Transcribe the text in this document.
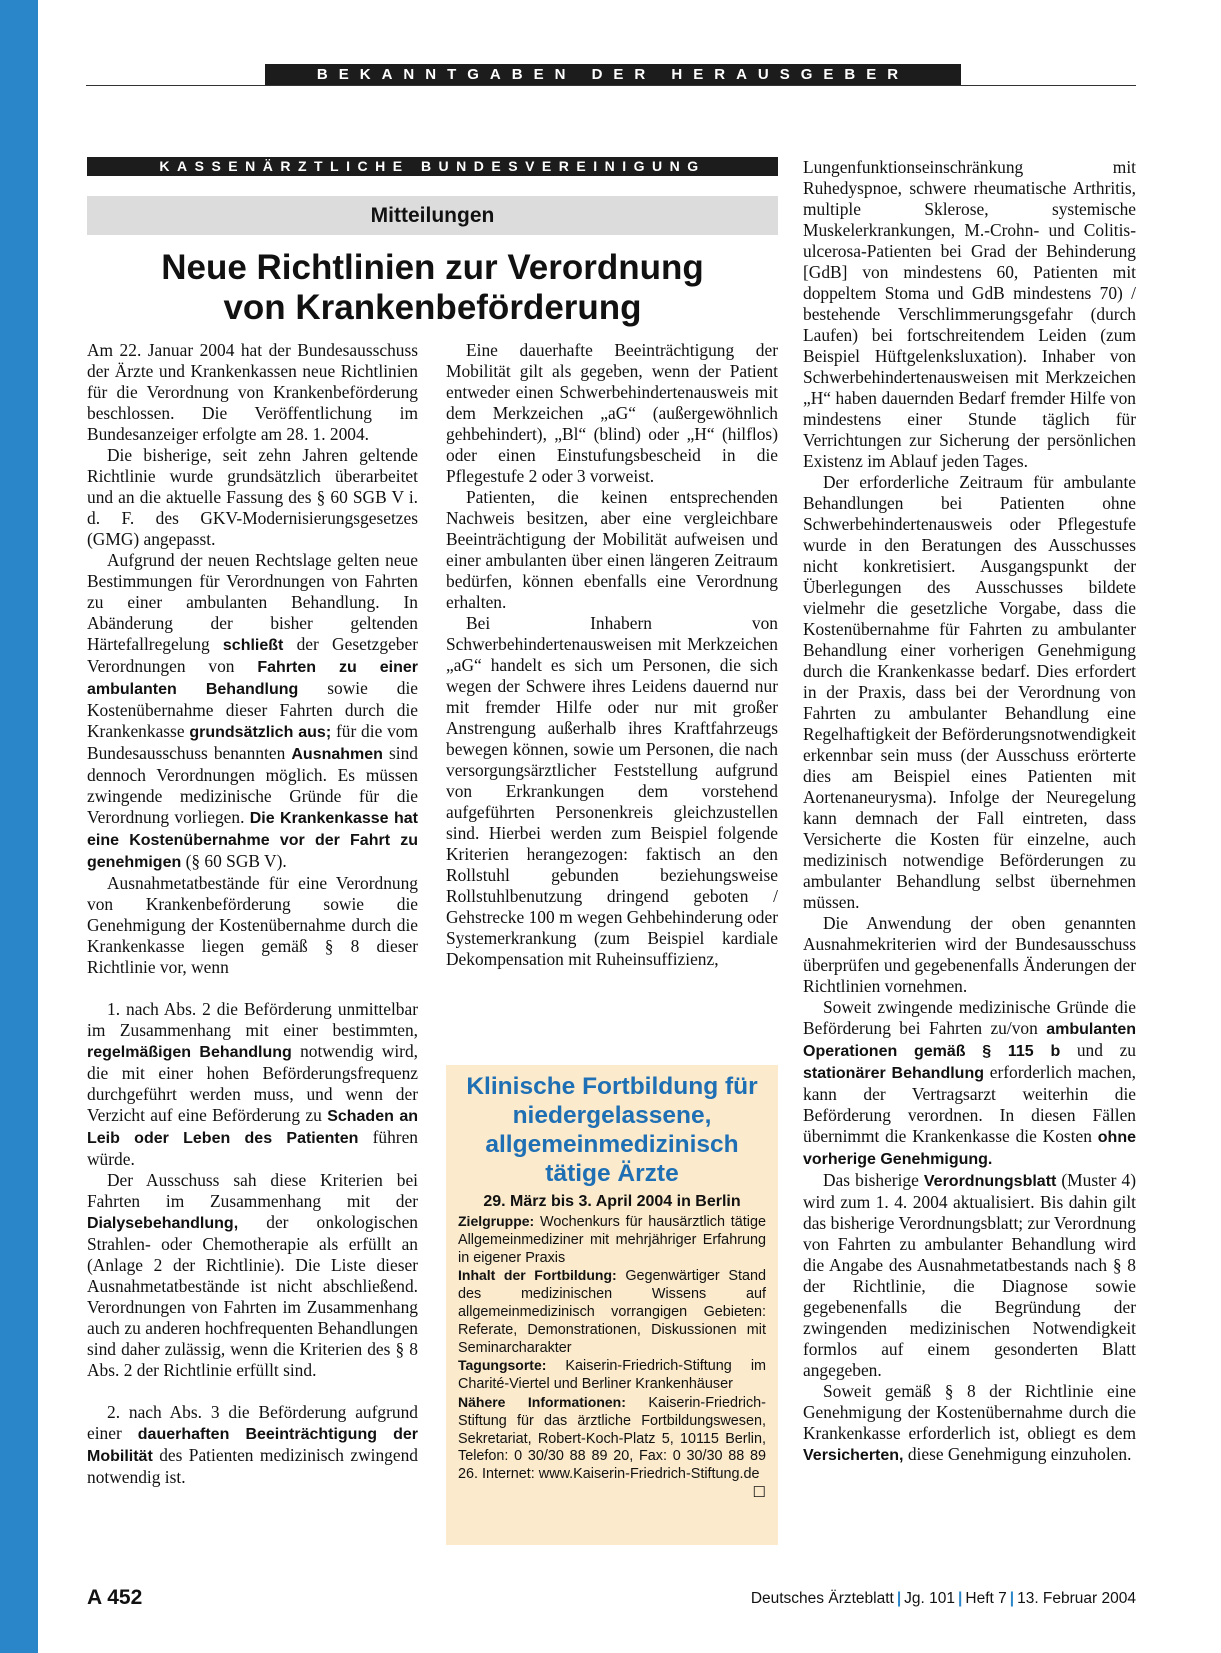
BEKANNTGABEN DER HERAUSGEBER
KASSENÄRZTLICHE BUNDESVEREINIGUNG
Mitteilungen
Neue Richtlinien zur Verordnung
von Krankenbeförderung

Am 22. Januar 2004 hat der Bundesausschuss der Ärzte und Krankenkassen neue Richtlinien für die Verordnung von Krankenbeförderung beschlossen. Die Veröffentlichung im Bundesanzeiger erfolgte am 28. 1. 2004.

Die bisherige, seit zehn Jahren geltende Richtlinie wurde grundsätzlich überarbeitet und an die aktuelle Fassung des § 60 SGB V i. d. F. des GKV-Modernisierungsgesetzes (GMG) angepasst.

Aufgrund der neuen Rechtslage gelten neue Bestimmungen für Verordnungen von Fahrten zu einer ambulanten Behandlung. In Abänderung der bisher geltenden Härtefallregelung schließt der Gesetzgeber Verordnungen von Fahrten zu einer ambulanten Behandlung sowie die Kostenübernahme dieser Fahrten durch die Krankenkasse grundsätzlich aus; für die vom Bundesausschuss benannten Ausnahmen sind dennoch Verordnungen möglich. Es müssen zwingende medizinische Gründe für die Verordnung vorliegen. Die Krankenkasse hat eine Kostenübernahme vor der Fahrt zu genehmigen (§ 60 SGB V).

Ausnahmetatbestände für eine Verordnung von Krankenbeförderung sowie die Genehmigung der Kostenübernahme durch die Krankenkasse liegen gemäß § 8 dieser Richtlinie vor, wenn

1. nach Abs. 2 die Beförderung unmittelbar im Zusammenhang mit einer bestimmten, regelmäßigen Behandlung notwendig wird, die mit einer hohen Beförderungsfrequenz durchgeführt werden muss, und wenn der Verzicht auf eine Beförderung zu Schaden an Leib oder Leben des Patienten führen würde.

Der Ausschuss sah diese Kriterien bei Fahrten im Zusammenhang mit der Dialysebehandlung, der onkologischen Strahlen- oder Chemotherapie als erfüllt an (Anlage 2 der Richtlinie). Die Liste dieser Ausnahmetatbestände ist nicht abschließend. Verordnungen von Fahrten im Zusammenhang auch zu anderen hochfrequenten Behandlungen sind daher zulässig, wenn die Kriterien des § 8 Abs. 2 der Richtlinie erfüllt sind.

2. nach Abs. 3 die Beförderung aufgrund einer dauerhaften Beeinträchtigung der Mobilität des Patienten medizinisch zwingend notwendig ist.

Eine dauerhafte Beeinträchtigung der Mobilität gilt als gegeben, wenn der Patient entweder einen Schwerbehindertenausweis mit dem Merkzeichen „aG“ (außergewöhnlich gehbehindert), „Bl“ (blind) oder „H“ (hilflos) oder einen Einstufungsbescheid in die Pflegestufe 2 oder 3 vorweist.

Patienten, die keinen entsprechenden Nachweis besitzen, aber eine vergleichbare Beeinträchtigung der Mobilität aufweisen und einer ambulanten über einen längeren Zeitraum bedürfen, können ebenfalls eine Verordnung erhalten.

Bei Inhabern von Schwerbehindertenausweisen mit Merkzeichen „aG“ handelt es sich um Personen, die sich wegen der Schwere ihres Leidens dauernd nur mit fremder Hilfe oder nur mit großer Anstrengung außerhalb ihres Kraftfahrzeugs bewegen können, sowie um Personen, die nach versorgungsärztlicher Feststellung aufgrund von Erkrankungen dem vorstehend aufgeführten Personenkreis gleichzustellen sind. Hierbei werden zum Beispiel folgende Kriterien herangezogen: faktisch an den Rollstuhl gebunden beziehungsweise Rollstuhlbenutzung dringend geboten / Gehstrecke 100 m wegen Gehbehinderung oder Systemerkrankung (zum Beispiel kardiale Dekompensation mit Ruheinsuffizienz,

Klinische Fortbildung für niedergelassene, allgemeinmedizinisch tätige Ärzte
29. März bis 3. April 2004 in Berlin

Zielgruppe: Wochenkurs für hausärztlich tätige Allgemeinmediziner mit mehrjähriger Erfahrung in eigener Praxis

Inhalt der Fortbildung: Gegenwärtiger Stand des medizinischen Wissens auf allgemeinmedizinisch vorrangigen Gebieten: Referate, Demonstrationen, Diskussionen mit Seminarcharakter

Tagungsorte: Kaiserin-Friedrich-Stiftung im Charité-Viertel und Berliner Krankenhäuser

Nähere Informationen: Kaiserin-Friedrich-Stiftung für das ärztliche Fortbildungswesen, Sekretariat, Robert-Koch-Platz 5, 10115 Berlin, Telefon: 0 30/30 88 89 20, Fax: 0 30/30 88 89 26. Internet: www.Kaiserin-Friedrich-Stiftung.de
☐

Lungenfunktionseinschränkung mit Ruhedyspnoe, schwere rheumatische Arthritis, multiple Sklerose, systemische Muskelerkrankungen, M.-Crohn- und Colitis-ulcerosa-Patienten bei Grad der Behinderung [GdB] von mindestens 60, Patienten mit doppeltem Stoma und GdB mindestens 70) / bestehende Verschlimmerungsgefahr (durch Laufen) bei fortschreitendem Leiden (zum Beispiel Hüftgelenksluxation). Inhaber von Schwerbehindertenausweisen mit Merkzeichen „H“ haben dauernden Bedarf fremder Hilfe von mindestens einer Stunde täglich für Verrichtungen zur Sicherung der persönlichen Existenz im Ablauf jeden Tages.

Der erforderliche Zeitraum für ambulante Behandlungen bei Patienten ohne Schwerbehindertenausweis oder Pflegestufe wurde in den Beratungen des Ausschusses nicht konkretisiert. Ausgangspunkt der Überlegungen des Ausschusses bildete vielmehr die gesetzliche Vorgabe, dass die Kostenübernahme für Fahrten zu ambulanter Behandlung einer vorherigen Genehmigung durch die Krankenkasse bedarf. Dies erfordert in der Praxis, dass bei der Verordnung von Fahrten zu ambulanter Behandlung eine Regelhaftigkeit der Beförderungsnotwendigkeit erkennbar sein muss (der Ausschuss erörterte dies am Beispiel eines Patienten mit Aortenaneurysma). Infolge der Neuregelung kann demnach der Fall eintreten, dass Versicherte die Kosten für einzelne, auch medizinisch notwendige Beförderungen zu ambulanter Behandlung selbst übernehmen müssen.

Die Anwendung der oben genannten Ausnahmekriterien wird der Bundesausschuss überprüfen und gegebenenfalls Änderungen der Richtlinien vornehmen.

Soweit zwingende medizinische Gründe die Beförderung bei Fahrten zu/von ambulanten Operationen gemäß § 115 b und zu stationärer Behandlung erforderlich machen, kann der Vertragsarzt weiterhin die Beförderung verordnen. In diesen Fällen übernimmt die Krankenkasse die Kosten ohne vorherige Genehmigung.

Das bisherige Verordnungsblatt (Muster 4) wird zum 1. 4. 2004 aktualisiert. Bis dahin gilt das bisherige Verordnungsblatt; zur Verordnung von Fahrten zu ambulanter Behandlung wird die Angabe des Ausnahmetatbestands nach § 8 der Richtlinie, die Diagnose sowie gegebenenfalls die Begründung der zwingenden medizinischen Notwendigkeit formlos auf einem gesonderten Blatt angegeben.

Soweit gemäß § 8 der Richtlinie eine Genehmigung der Kostenübernahme durch die Krankenkasse erforderlich ist, obliegt es dem Versicherten, diese Genehmigung einzuholen.

A 452	Deutsches Ärzteblatt | Jg. 101 | Heft 7 | 13. Februar 2004
